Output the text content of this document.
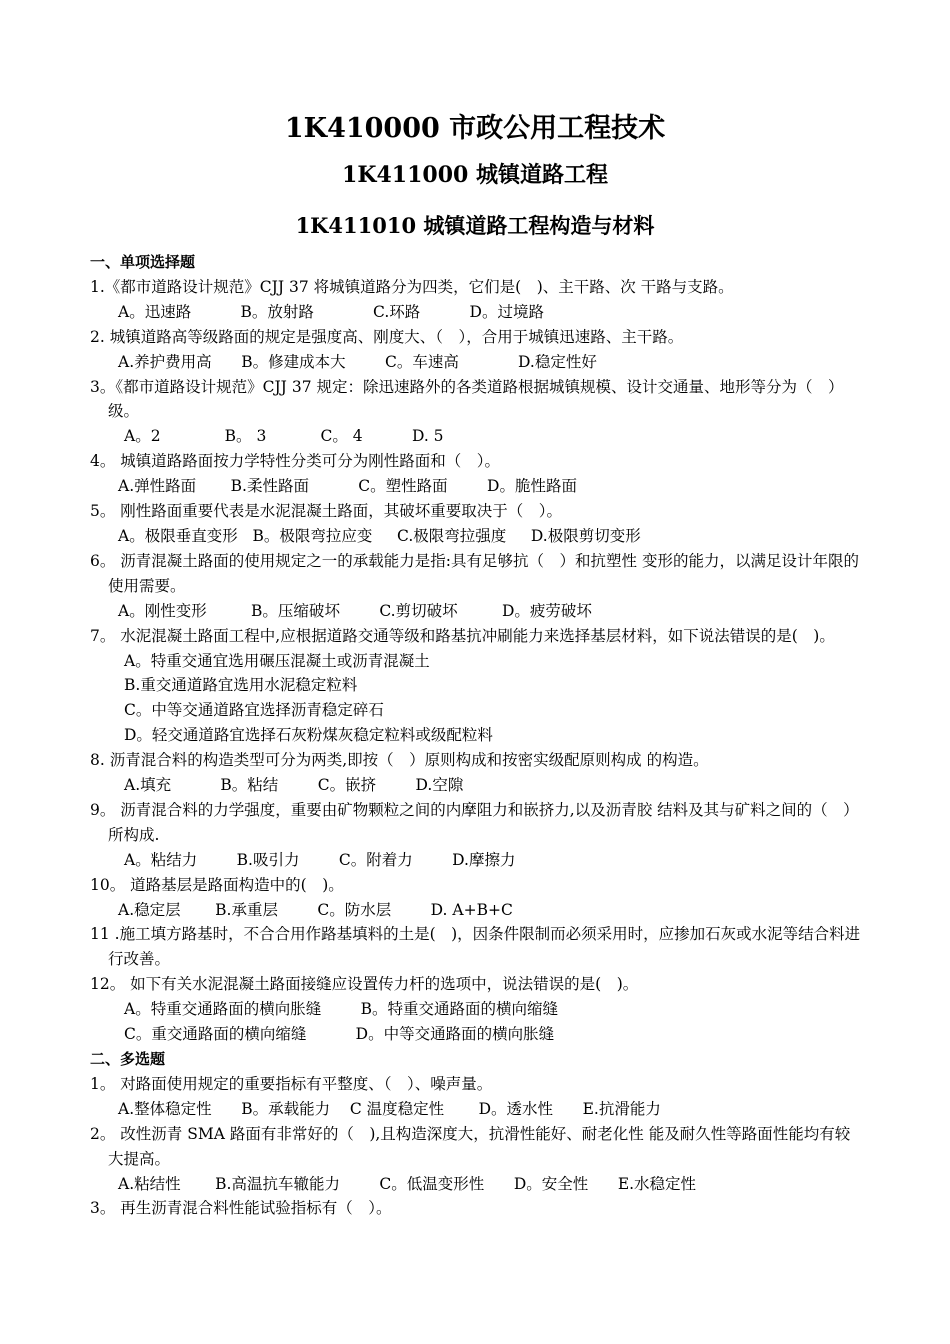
1K410000 市政公用工程技术
1K411000 城镇道路工程
1K411010 城镇道路工程构造与材料
一、单项选择题
1.《都市道路设计规范》CJJ 37 将城镇道路分为四类，它们是(　)、主干路、次 干路与支路。
A。迅速路	B。放射路	C.环路	D。过境路
2. 城镇道路高等级路面的规定是强度高、刚度大、（　），合用于城镇迅速路、主干路。
A.养护费用高 B。修建成本大	C。车速高	D.稳定性好
3。《都市道路设计规范》CJJ 37 规定：除迅速路外的各类道路根据城镇规模、设计交通量、地形等分为（　）级。
A。2	B。 3	C。 4	D. 5
4。 城镇道路路面按力学特性分类可分为刚性路面和（　）。
A.弹性路面 B.柔性路面	C。塑性路面	D。脆性路面
5。 刚性路面重要代表是水泥混凝土路面，其破坏重要取决于（　）。
A。极限垂直变形 B。极限弯拉应变 C.极限弯拉强度 D.极限剪切变形
6。 沥青混凝土路面的使用规定之一的承载能力是指:具有足够抗（　）和抗塑性 变形的能力，以满足设计年限的使用需要。
A。刚性变形	B。压缩破坏	C.剪切破坏	D。疲劳破坏
7。 水泥混凝土路面工程中,应根据道路交通等级和路基抗冲刷能力来选择基层材料，如下说法错误的是(　)。
A。特重交通宜选用碾压混凝土或沥青混凝土
B.重交通道路宜选用水泥稳定粒料
C。中等交通道路宜选择沥青稳定碎石
D。轻交通道路宜选择石灰粉煤灰稳定粒料或级配粒料
8. 沥青混合料的构造类型可分为两类,即按（　）原则构成和按密实级配原则构成 的构造。
A.填充	B。粘结	C。嵌挤	D.空隙
9。 沥青混合料的力学强度，重要由矿物颗粒之间的内摩阻力和嵌挤力,以及沥青胶 结料及其与矿料之间的（　）所构成.
A。粘结力	B.吸引力	C。附着力	D.摩擦力
10。 道路基层是路面构造中的(　)。
A.稳定层 B.承重层	C。防水层	D. A+B+C
11 .施工填方路基时，不合合用作路基填料的土是(　)，因条件限制而必须采用时，应掺加石灰或水泥等结合料进行改善。
12。 如下有关水泥混凝土路面接缝应设置传力杆的选项中，说法错误的是(　)。
A。特重交通路面的横向胀缝	B。特重交通路面的横向缩缝
C。重交通路面的横向缩缝	D。中等交通路面的横向胀缝
二、多选题
1。 对路面使用规定的重要指标有平整度、（　）、噪声量。
A.整体稳定性 B。承载能力 C 温度稳定性 D。透水性 E.抗滑能力
2。 改性沥青 SMA 路面有非常好的（　),且构造深度大，抗滑性能好、耐老化性 能及耐久性等路面性能均有较大提高。
A.粘结性 B.高温抗车辙能力	C。低温变形性 D。安全性 E.水稳定性
3。 再生沥青混合料性能试验指标有（　）。
